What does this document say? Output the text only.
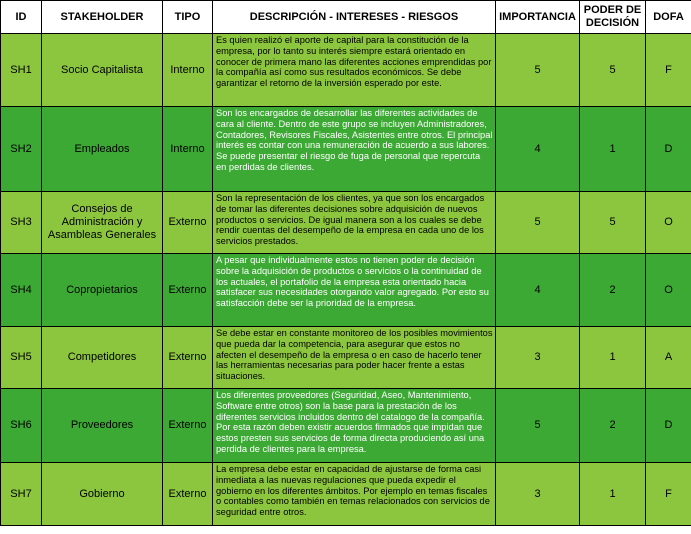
ID	STAKEHOLDER	TIPO	DESCRIPCIÓN - INTERESES - RIESGOS	IMPORTANCIA	PODER DE DECISIÓN	DOFA
SH1	Socio Capitalista	Interno	Es quien realizó el aporte de capital para la constitución de la empresa, por lo tanto su interés siempre estará orientado en conocer de primera mano las diferentes acciones emprendidas por la compañía así como sus resultados económicos. Se debe garantizar el retorno de la inversión esperado por este.	5	5	F
SH2	Empleados	Interno	Son los encargados de desarrollar las diferentes actividades de cara al cliente. Dentro de este grupo se incluyen Administradores, Contadores, Revisores Fiscales, Asistentes entre otros. El principal interés es contar con una remuneración de acuerdo a sus labores. Se puede presentar el riesgo de fuga de personal que repercuta en perdidas de clientes.	4	1	D
SH3	Consejos de Administración y Asambleas Generales	Externo	Son la representación de los clientes, ya que son los encargados de tomar las diferentes decisiones sobre adquisición de nuevos productos o servicios. De igual manera son a los cuales se debe rendir cuentas del desempeño de la empresa en cada uno de los servicios prestados.	5	5	O
SH4	Copropietarios	Externo	A pesar que individualmente estos no tienen poder de decisión sobre la adquisición de productos o servicios o la continuidad de los actuales, el portafolio de la empresa esta orientado hacia satisfacer sus necesidades otorgando valor agregado. Por esto su satisfacción debe ser la prioridad de la empresa.	4	2	O
SH5	Competidores	Externo	Se debe estar en constante monitoreo de los posibles movimientos que pueda dar la competencia, para asegurar que estos no afecten el desempeño de la empresa o en caso de hacerlo tener las herramientas necesarias para poder hacer frente a estas situaciones.	3	1	A
SH6	Proveedores	Externo	Los diferentes proveedores (Seguridad, Aseo, Mantenimiento, Software entre otros) son la base para la prestación de los diferentes servicios incluidos dentro del catalogo de la compañía. Por esta razón deben existir acuerdos firmados que impidan que estos presten sus servicios de forma directa produciendo así una perdida de clientes para la empresa.	5	2	D
SH7	Gobierno	Externo	La empresa debe estar en capacidad de ajustarse de forma casi inmediata a las nuevas regulaciones que pueda expedir el gobierno en los diferentes ámbitos. Por ejemplo en temas fiscales o contables como también en temas relacionados con servicios de seguridad entre otros.	3	1	F
